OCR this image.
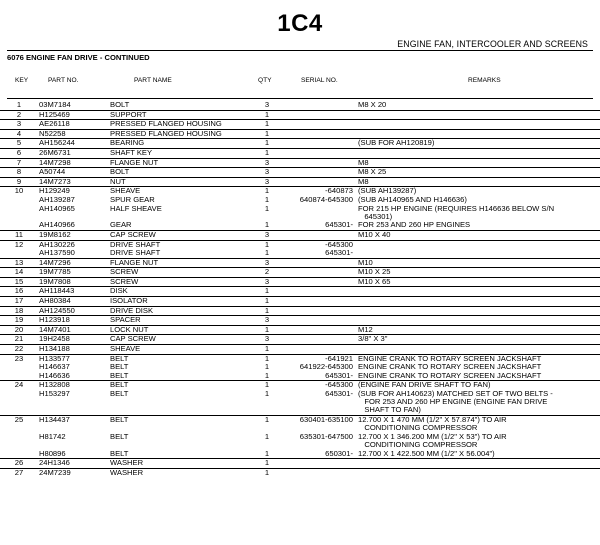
1C4
ENGINE FAN, INTERCOOLER AND SCREENS
6076 ENGINE FAN DRIVE - CONTINUED
KEY	PART NO.	PART NAME	QTY	SERIAL NO.	REMARKS
1	03M7184	BOLT	3	M8 X 20
2	H125469	SUPPORT	1
3	AE26118	PRESSED FLANGED HOUSING	1
4	N52258	PRESSED FLANGED HOUSING	1
5	AH156244	BEARING	1	(SUB FOR AH120819)
6	26M6731	SHAFT KEY	1
7	14M7298	FLANGE NUT	3	M8
8	A50744	BOLT	3	M8 X 25
9	14M7273	NUT	3	M8
10	H129249	SHEAVE	1	-640873 (SUB AH139287)
AH139287	SPUR GEAR	1	640874-645300 (SUB AH140965 AND H146636)
AH140965	HALF SHEAVE	1	FOR 215 HP ENGINE (REQUIRES H146636 BELOW S/N
645301)
AH140966	GEAR	1	645301- FOR 253 AND 260 HP ENGINES
11	19M8162	CAP SCREW	3	M10 X 40
12	AH130226	DRIVE SHAFT	1	-645300
AH137590	DRIVE SHAFT	1	645301-
13	14M7296	FLANGE NUT	3	M10
14	19M7785	SCREW	2	M10 X 25
15	19M7808	SCREW	3	M10 X 65
16	AH118443	DISK	1
17	AH80384	ISOLATOR	1
18	AH124550	DRIVE DISK	1
19	H123918	SPACER	3
20	14M7401	LOCK NUT	1	M12
21	19H2458	CAP SCREW	3	3/8" X 3"
22	H134188	SHEAVE	1
23	H133577	BELT	1	-641921 ENGINE CRANK TO ROTARY SCREEN JACKSHAFT
H146637	BELT	1	641922-645300 ENGINE CRANK TO ROTARY SCREEN JACKSHAFT
H146636	BELT	1	645301- ENGINE CRANK TO ROTARY SCREEN JACKSHAFT
24	H132808	BELT	1	-645300 (ENGINE FAN DRIVE SHAFT TO FAN)
H153297	BELT	1	645301- (SUB FOR AH140623) MATCHED SET OF TWO BELTS -
FOR 253 AND 260 HP ENGINE (ENGINE FAN DRIVE
SHAFT TO FAN)
25	H134437	BELT	1	630401-635100 12.700 X 1 470 MM (1/2" X 57.874") TO AIR
CONDITIONING COMPRESSOR
H81742	BELT	1	635301-647500 12.700 X 1 346.200 MM (1/2" X 53") TO AIR
CONDITIONING COMPRESSOR
H80896	BELT	1	650301- 12.700 X 1 422.500 MM (1/2" X 56.004")
26	24H1346	WASHER	1
27	24M7239	WASHER	1
